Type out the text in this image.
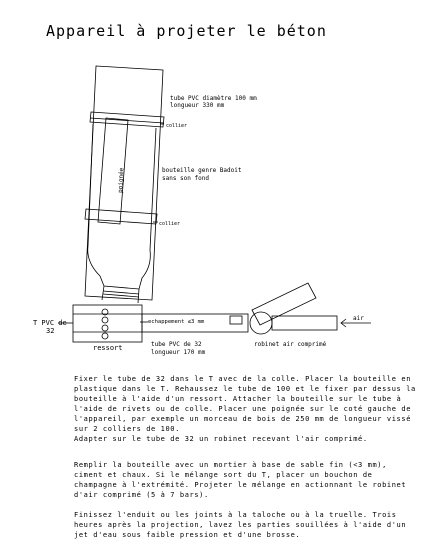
Appareil à projeter le béton
tube PVC diamètre 100 mm
longueur 330 mm
collier
bouteille genre Badoit
sans son fond
collier
poignée
T PVC de
32
echappement ≤3 mm	air
ressort	tube PVC de 32
longueur 170 mm
robinet air comprimé

Fixer le tube de 32 dans le T avec de la colle. Placer la bouteille en plastique dans le T. Rehaussez le tube de 100 et le fixer par dessus la bouteille à l'aide d'un ressort. Attacher la bouteille sur le tube à l'aide de rivets ou de colle. Placer une poignée sur le coté gauche de l'appareil, par exemple un morceau de bois de 250 mm de longueur vissé sur 2 colliers de 100.
Adapter sur le tube de 32 un robinet recevant l'air comprimé.

Remplir la bouteille avec un mortier à base de sable fin (<3 mm), ciment et chaux. Si le mélange sort du T, placer un bouchon de champagne à l'extrémité. Projeter le mélange en actionnant le robinet d'air comprimé (5 à 7 bars).

Finissez l'enduit ou les joints à la taloche ou à la truelle. Trois heures après la projection, lavez les parties souillées à l'aide d'un jet d'eau sous faible pression et d'une brosse.
